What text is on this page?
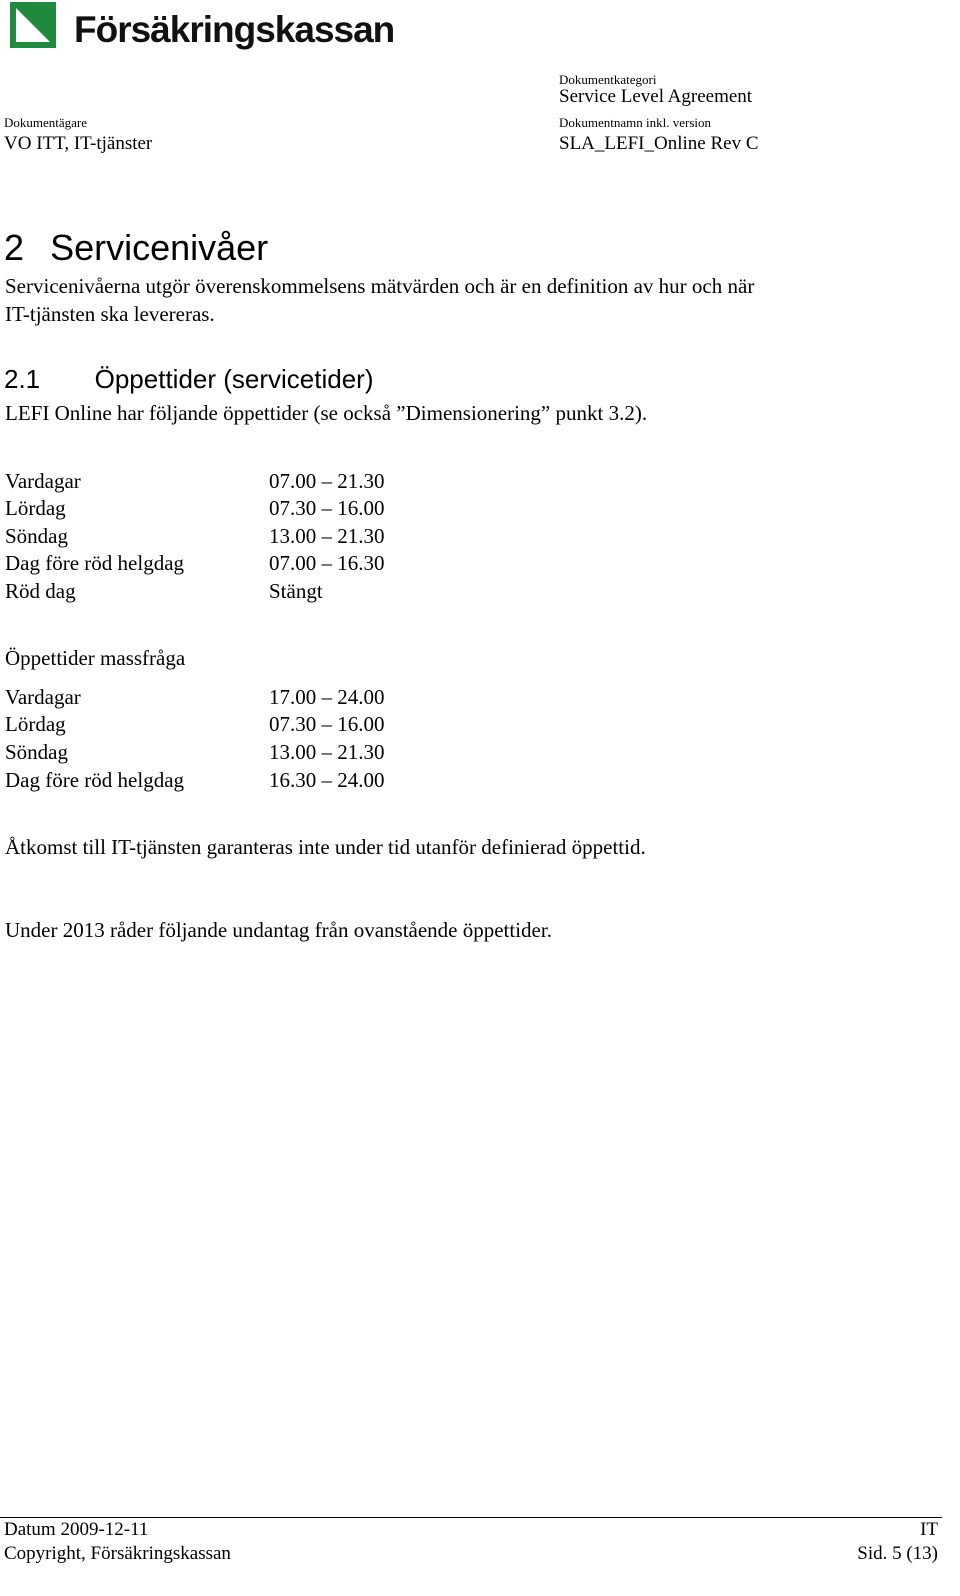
Försäkringskassan
Dokumentkategori
Service Level Agreement
Dokumentägare
VO ITT, IT-tjänster
Dokumentnamn inkl. version
SLA_LEFI_Online Rev C
2 Servicenivåer
Servicenivåerna utgör överenskommelsens mätvärden och är en definition av hur och när IT-tjänsten ska levereras.
2.1 Öppettider (servicetider)
LEFI Online har följande öppettider (se också ”Dimensionering” punkt 3.2).
Vardagar	07.00 – 21.30
Lördag	07.30 – 16.00
Söndag	13.00 – 21.30
Dag före röd helgdag	07.00 – 16.30
Röd dag	Stängt
Öppettider massfråga
Vardagar	17.00 – 24.00
Lördag	07.30 – 16.00
Söndag	13.00 – 21.30
Dag före röd helgdag	16.30 – 24.00
Åtkomst till IT-tjänsten garanteras inte under tid utanför definierad öppettid.
Under 2013 råder följande undantag från ovanstående öppettider.
Datum 2009-12-11	IT
Copyright, Försäkringskassan	Sid. 5 (13)
